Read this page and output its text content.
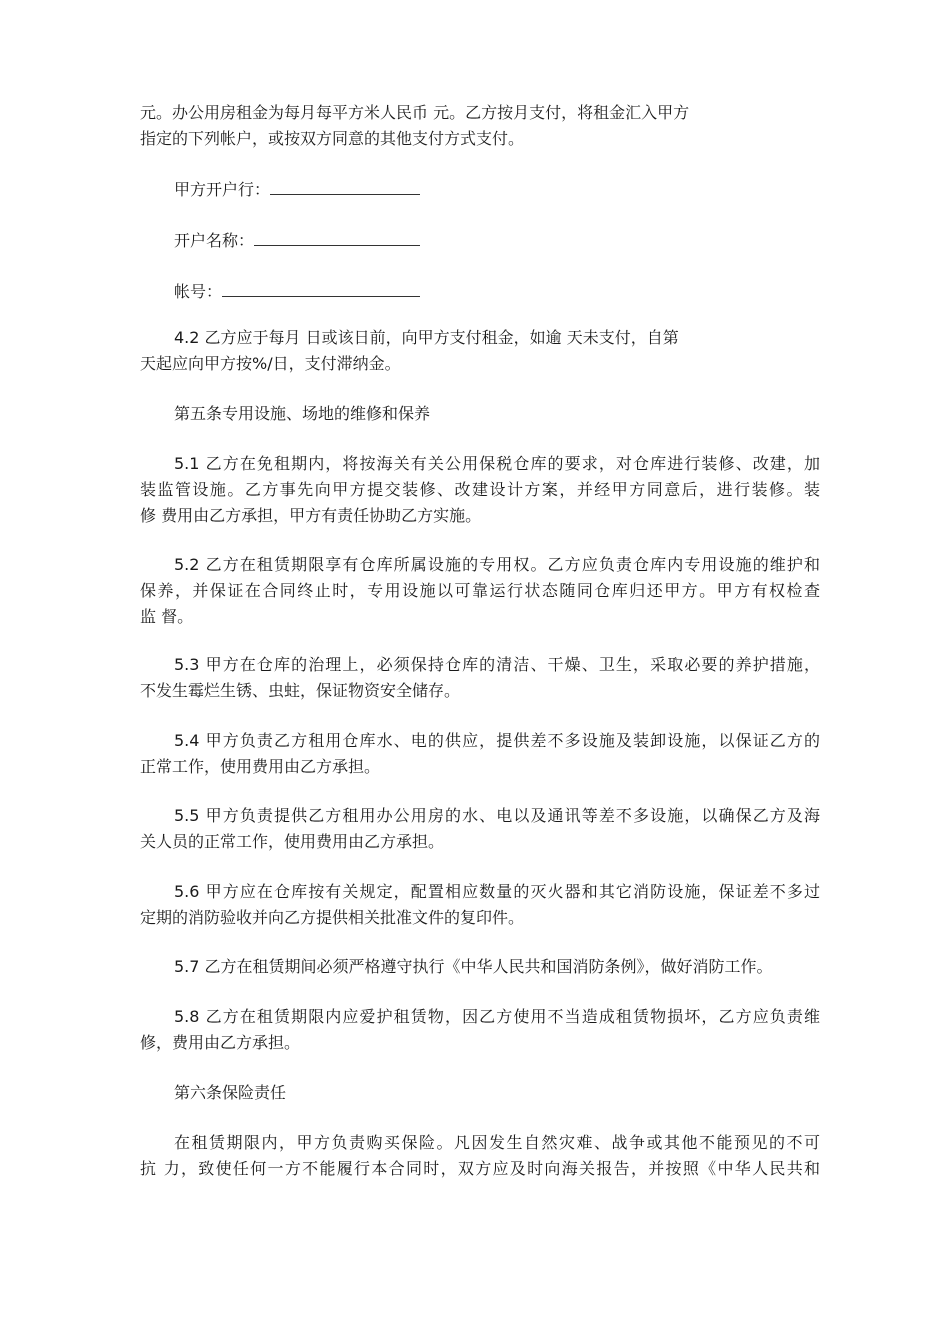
元。办公用房租金为每月每平方米人民币 元。乙方按月支付，将租金汇入甲方
指定的下列帐户，或按双方同意的其他支付方式支付。
甲方开户行：
开户名称：
帐号：
4.2 乙方应于每月 日或该日前，向甲方支付租金，如逾 天未支付，自第
天起应向甲方按%/日，支付滞纳金。
第五条专用设施、场地的维修和保养
5.1 乙方在免租期内，将按海关有关公用保税仓库的要求，对仓库进行装修、改建，加
装监管设施。乙方事先向甲方提交装修、改建设计方案，并经甲方同意后，进行装修。装
修 费用由乙方承担，甲方有责任协助乙方实施。
5.2 乙方在租赁期限享有仓库所属设施的专用权。乙方应负责仓库内专用设施的维护和
保养，并保证在合同终止时，专用设施以可靠运行状态随同仓库归还甲方。甲方有权检查
监 督。
5.3 甲方在仓库的治理上，必须保持仓库的清洁、干燥、卫生，采取必要的养护措施，
不发生霉烂生锈、虫蛀，保证物资安全储存。
5.4 甲方负责乙方租用仓库水、电的供应，提供差不多设施及装卸设施，以保证乙方的
正常工作，使用费用由乙方承担。
5.5 甲方负责提供乙方租用办公用房的水、电以及通讯等差不多设施，以确保乙方及海
关人员的正常工作，使用费用由乙方承担。
5.6 甲方应在仓库按有关规定，配置相应数量的灭火器和其它消防设施，保证差不多过
定期的消防验收并向乙方提供相关批准文件的复印件。
5.7 乙方在租赁期间必须严格遵守执行《中华人民共和国消防条例》，做好消防工作。
5.8 乙方在租赁期限内应爱护租赁物，因乙方使用不当造成租赁物损坏，乙方应负责维
修，费用由乙方承担。
第六条保险责任
在租赁期限内，甲方负责购买保险。凡因发生自然灾难、战争或其他不能预见的不可
抗 力，致使任何一方不能履行本合同时，双方应及时向海关报告，并按照《中华人民共和
